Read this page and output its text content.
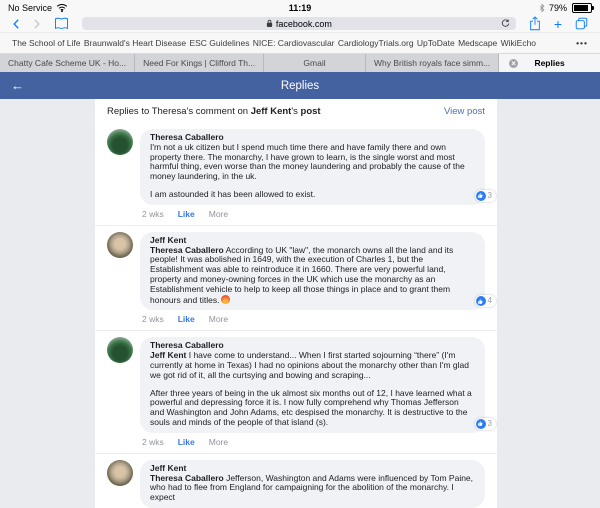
No Service	11:19	79%
facebook.com	+
The School of Life Braunwald's Heart Disease ESC Guidelines NICE: Cardiovascular CardiologyTrials.org UpToDate Medscape WikiEcho	•••
Chatty Cafe Scheme UK - Ho... Need For Kings | Clifford Th...	Gmail	Why British royals face simm...	× Replies
←	Replies
Replies to Theresa's comment on Jeff Kent's post	View post
Theresa Caballero

I'm not a uk citizen but I spend much time there and have family there and own property there. The monarchy, I have grown to learn, is the single worst and most harmful thing, even worse than the money laundering and probably the cause of the money laundering, in the uk.

I am astounded it has been allowed to exist.	3
2 wks Like More
Jeff Kent

Theresa Caballero According to UK "law", the monarch owns all the land and its people! It was abolished in 1649, with the execution of Charles 1, but the Establishment was able to reintroduce it in 1660. There are very powerful land, property and money-owning forces in the UK which use the monarchy as an Establishment vehicle to help to keep all those things in place and to grant them honours and titles.	4
2 wks Like More
Theresa Caballero

Jeff Kent I have come to understand... When I first started sojourning “there” (I'm currently at home in Texas) I had no opinions about the monarchy other than I'm glad we got rid of it, all the curtsying and bowing and scraping...

After three years of being in the uk almost six months out of 12, I have learned what a powerful and depressing force it is. I now fully comprehend why Thomas Jefferson and Washington and John Adams, etc despised the monarchy. It is destructive to the souls and minds of the people of that island (s).	3
2 wks Like More
Jeff Kent

Theresa Caballero Jefferson, Washington and Adams were influenced by Tom Paine, who had to flee from England for campaigning for the abolition of the monarchy. I expect
